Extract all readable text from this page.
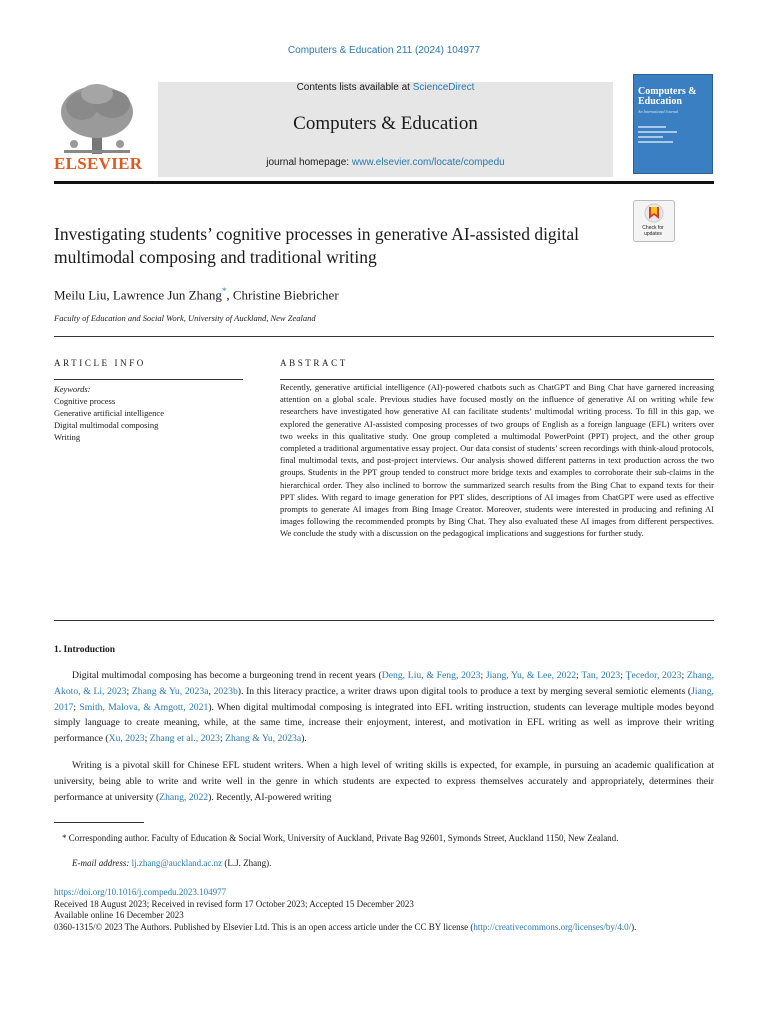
Computers & Education 211 (2024) 104977
ELSEVIER
Contents lists available at ScienceDirect
Computers & Education
journal homepage: www.elsevier.com/locate/compedu
Computers & Education
An International Journal
Check for updates
Investigating students’ cognitive processes in generative AI-assisted digital multimodal composing and traditional writing
Meilu Liu, Lawrence Jun Zhang*, Christine Biebricher
Faculty of Education and Social Work, University of Auckland, New Zealand
ARTICLE INFO	ABSTRACT
Keywords:
Cognitive process
Generative artificial intelligence
Digital multimodal composing
Writing
Recently, generative artificial intelligence (AI)-powered chatbots such as ChatGPT and Bing Chat have garnered increasing attention on a global scale. Previous studies have focused mostly on the influence of generative AI on writing while few researchers have investigated how generative AI can facilitate students’ multimodal writing process. To fill in this gap, we explored the generative AI-assisted composing processes of two groups of English as a foreign language (EFL) writers over two weeks in this qualitative study. One group completed a multimodal PowerPoint (PPT) project, and the other group completed a traditional argumentative essay project. Our data consist of students’ screen recordings with think-aloud protocols, final multimodal texts, and post-project interviews. Our analysis showed different patterns in text production across the two groups. Students in the PPT group tended to construct more bridge texts and examples to corroborate their sub-claims in the hierarchical order. They also inclined to borrow the summarized search results from the Bing Chat to expand texts for their PPT slides. With regard to image generation for PPT slides, descriptions of AI images from ChatGPT were used as effective prompts to generate AI images from Bing Image Creator. Moreover, students were interested in producing and refining AI images following the recommended prompts by Bing Chat. They also evaluated these AI images from different perspectives. We conclude the study with a discussion on the pedagogical implications and suggestions for further study.
1. Introduction
Digital multimodal composing has become a burgeoning trend in recent years (Deng, Liu, & Feng, 2023; Jiang, Yu, & Lee, 2022; Tan, 2023; Ţecedor, 2023; Zhang, Akoto, & Li, 2023; Zhang & Yu, 2023a, 2023b). In this literacy practice, a writer draws upon digital tools to produce a text by merging several semiotic elements (Jiang, 2017; Smith, Malova, & Amgott, 2021). When digital multimodal composing is integrated into EFL writing instruction, students can leverage multiple modes beyond simply language to create meaning, while, at the same time, increase their enjoyment, interest, and motivation in EFL writing as well as improve their writing performance (Xu, 2023; Zhang et al., 2023; Zhang & Yu, 2023a).
Writing is a pivotal skill for Chinese EFL student writers. When a high level of writing skills is expected, for example, in pursuing an academic qualification at university, being able to write and write well in the genre in which students are expected to express themselves accurately and appropriately, determines their performance at university (Zhang, 2022). Recently, AI-powered writing
* Corresponding author. Faculty of Education & Social Work, University of Auckland, Private Bag 92601, Symonds Street, Auckland 1150, New Zealand.
E-mail address: lj.zhang@auckland.ac.nz (L.J. Zhang).
https://doi.org/10.1016/j.compedu.2023.104977
Received 18 August 2023; Received in revised form 17 October 2023; Accepted 15 December 2023
Available online 16 December 2023
0360-1315/© 2023 The Authors. Published by Elsevier Ltd. This is an open access article under the CC BY license (http://creativecommons.org/licenses/by/4.0/).
